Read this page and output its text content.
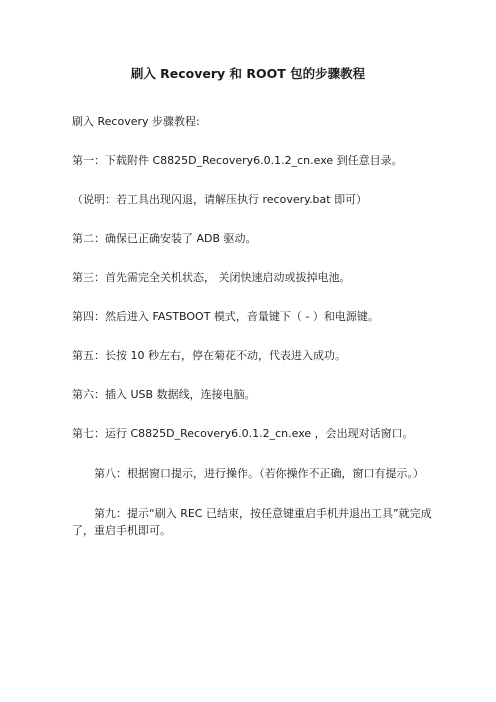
刷入 Recovery 和 ROOT 包的步骤教程

刷入 Recovery 步骤教程:

第一：下载附件 C8825D_Recovery6.0.1.2_cn.exe 到任意目录。

（说明：若工具出现闪退，请解压执行 recovery.bat 即可）

第二：确保已正确安装了 ADB 驱动。

第三：首先需完全关机状态， 关闭快速启动或拔掉电池。

第四：然后进入 FASTBOOT 模式，音量键下（ - ）和电源键。

第五：长按 10 秒左右，停在菊花不动，代表进入成功。

第六：插入 USB 数据线，连接电脑。

第七：运行 C8825D_Recovery6.0.1.2_cn.exe ，会出现对话窗口。

第八：根据窗口提示，进行操作。（若你操作不正确，窗口有提示。）

第九：提示“刷入 REC 已结束，按任意键重启手机并退出工具”就完成了，重启手机即可。
